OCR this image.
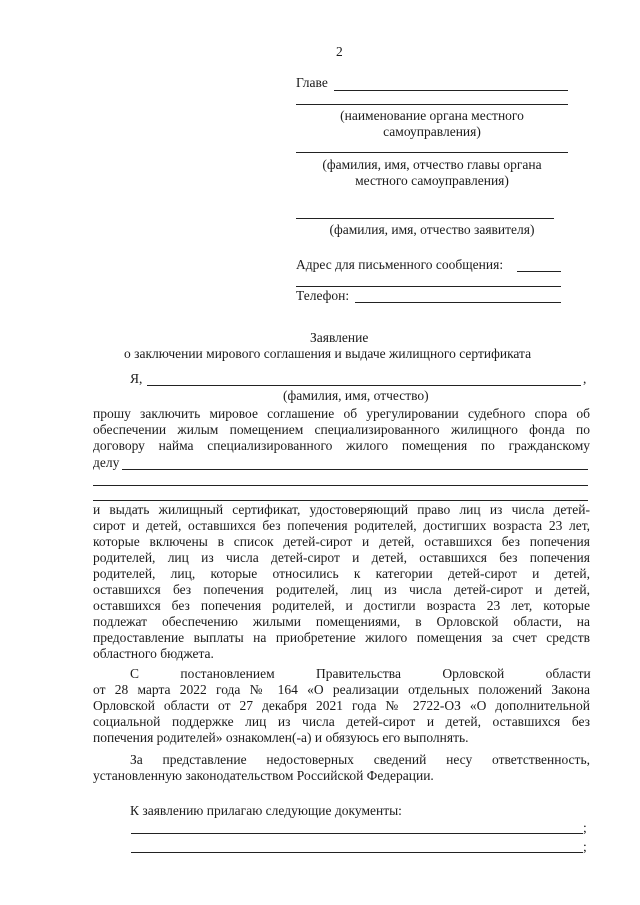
2
Главе
(наименование органа местного
самоуправления)
(фамилия, имя, отчество главы органа
местного самоуправления)
(фамилия, имя, отчество заявителя)
Адрес для письменного сообщения:
Телефон:
Заявление
о заключении мирового соглашения и выдаче жилищного сертификата
Я,	,
(фамилия, имя, отчество)
прошу заключить мировое соглашение об урегулировании судебного спора об
обеспечении жилым помещением специализированного жилищного фонда по
договору найма специализированного жилого помещения по гражданскому
делу
и выдать жилищный сертификат, удостоверяющий право лиц из числа детей-
сирот и детей, оставшихся без попечения родителей, достигших возраста 23 лет,
которые включены в список детей-сирот и детей, оставшихся без попечения
родителей, лиц из числа детей-сирот и детей, оставшихся без попечения
родителей, лиц, которые относились к категории детей-сирот и детей,
оставшихся без попечения родителей, лиц из числа детей-сирот и детей,
оставшихся без попечения родителей, и достигли возраста 23 лет, которые
подлежат обеспечению жилыми помещениями, в Орловской области, на
предоставление выплаты на приобретение жилого помещения за счет средств
областного бюджета.
С постановлением Правительства Орловской области
от 28 марта 2022 года № 164 «О реализации отдельных положений Закона
Орловской области от 27 декабря 2021 года № 2722-ОЗ «О дополнительной
социальной поддержке лиц из числа детей-сирот и детей, оставшихся без
попечения родителей» ознакомлен(-а) и обязуюсь его выполнять.
За представление недостоверных сведений несу ответственность,
установленную законодательством Российской Федерации.
К заявлению прилагаю следующие документы:
;
;
